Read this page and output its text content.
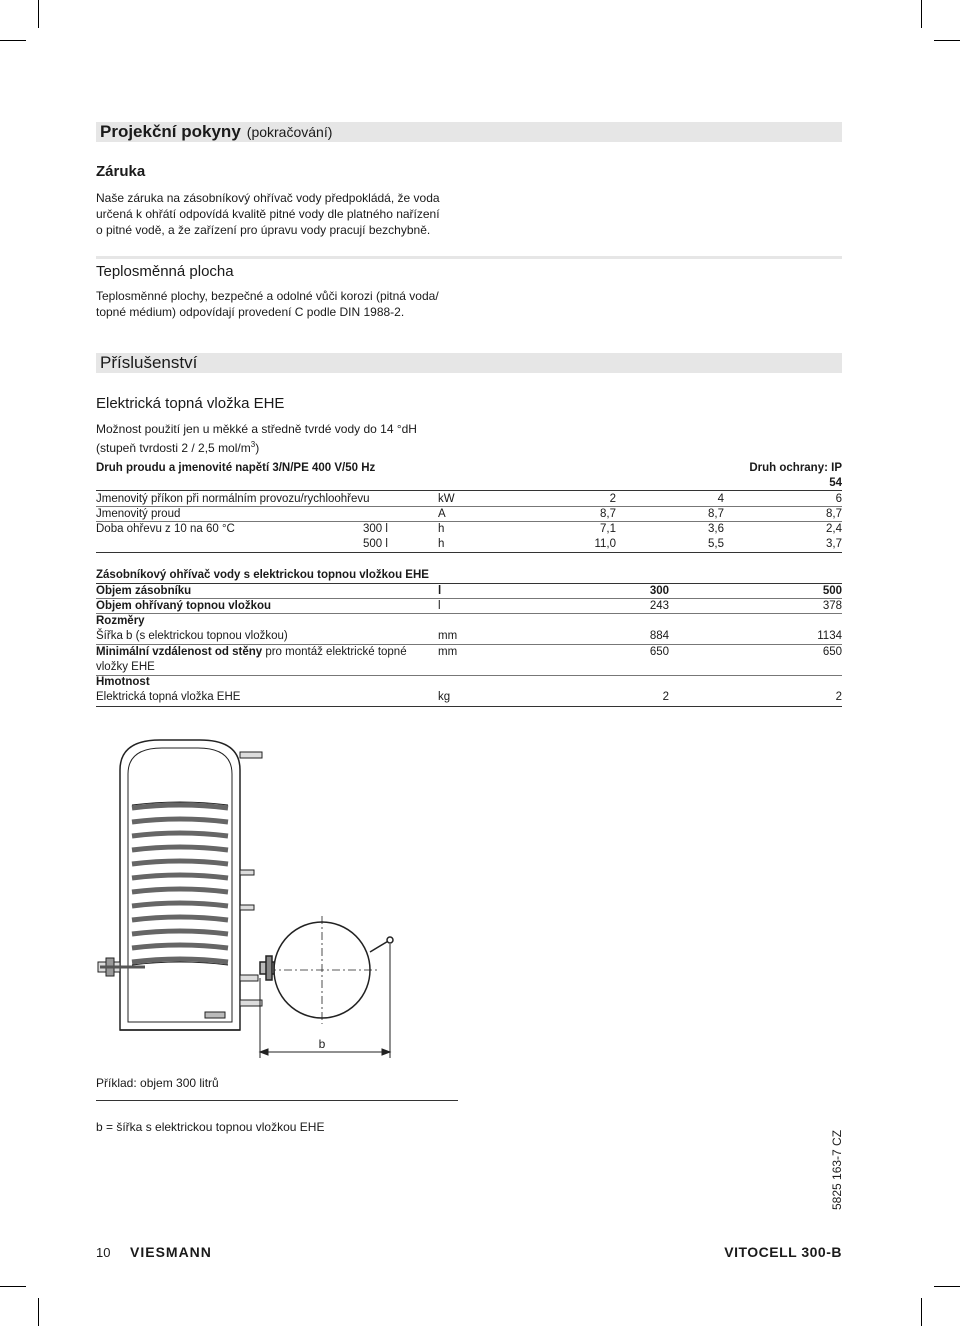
Projekční pokyny (pokračování)
Záruka

Naše záruka na zásobníkový ohřívač vody předpokládá, že voda

určená k ohřátí odpovídá kvalitě pitné vody dle platného nařízení

o pitné vodě, a že zařízení pro úpravu vody pracují bezchybně.

Teplosměnná plocha

Teplosměnné plochy, bezpečné a odolné vůči korozi (pitná voda/

topné médium) odpovídají provedení C podle DIN 1988-2.

Příslušenství
Elektrická topná vložka EHE

Možnost použití jen u měkké a středně tvrdé vody do 14 °dH

(stupeň tvrdosti 2 / 2,5 mol/$m^3$)

Druh proudu a jmenovité napětí 3/N/PE 400 V/50 Hz	Druh ochrany: IP
54
Jmenovitý příkon při normálním provozu/rychloohřevu	kW	2	4	6
Jmenovitý proud	A	8,7	8,7	8,7
Doba ohřevu z 10 na 60 °C	300 l	h	7,1	3,6	2,4
500 l	h	11,0	5,5	3,7
Zásobníkový ohřívač vody s elektrickou topnou vložkou EHE
Objem zásobníku	l	300	500
Objem ohřívaný topnou vložkou	l	243	378
Rozměry
Šířka b (s elektrickou topnou vložkou)	mm	884	1134
Minimální vzdálenost od stěny pro montáž elektrické topné	mm	650	650
vložky EHE
Hmotnost
Elektrická topná vložka EHE	kg	2	2
b
Příklad: objem 300 litrů
b = šířka s elektrickou topnou vložkou EHE
5825 163-7 CZ
10 VIESMANN	VITOCELL 300-B
